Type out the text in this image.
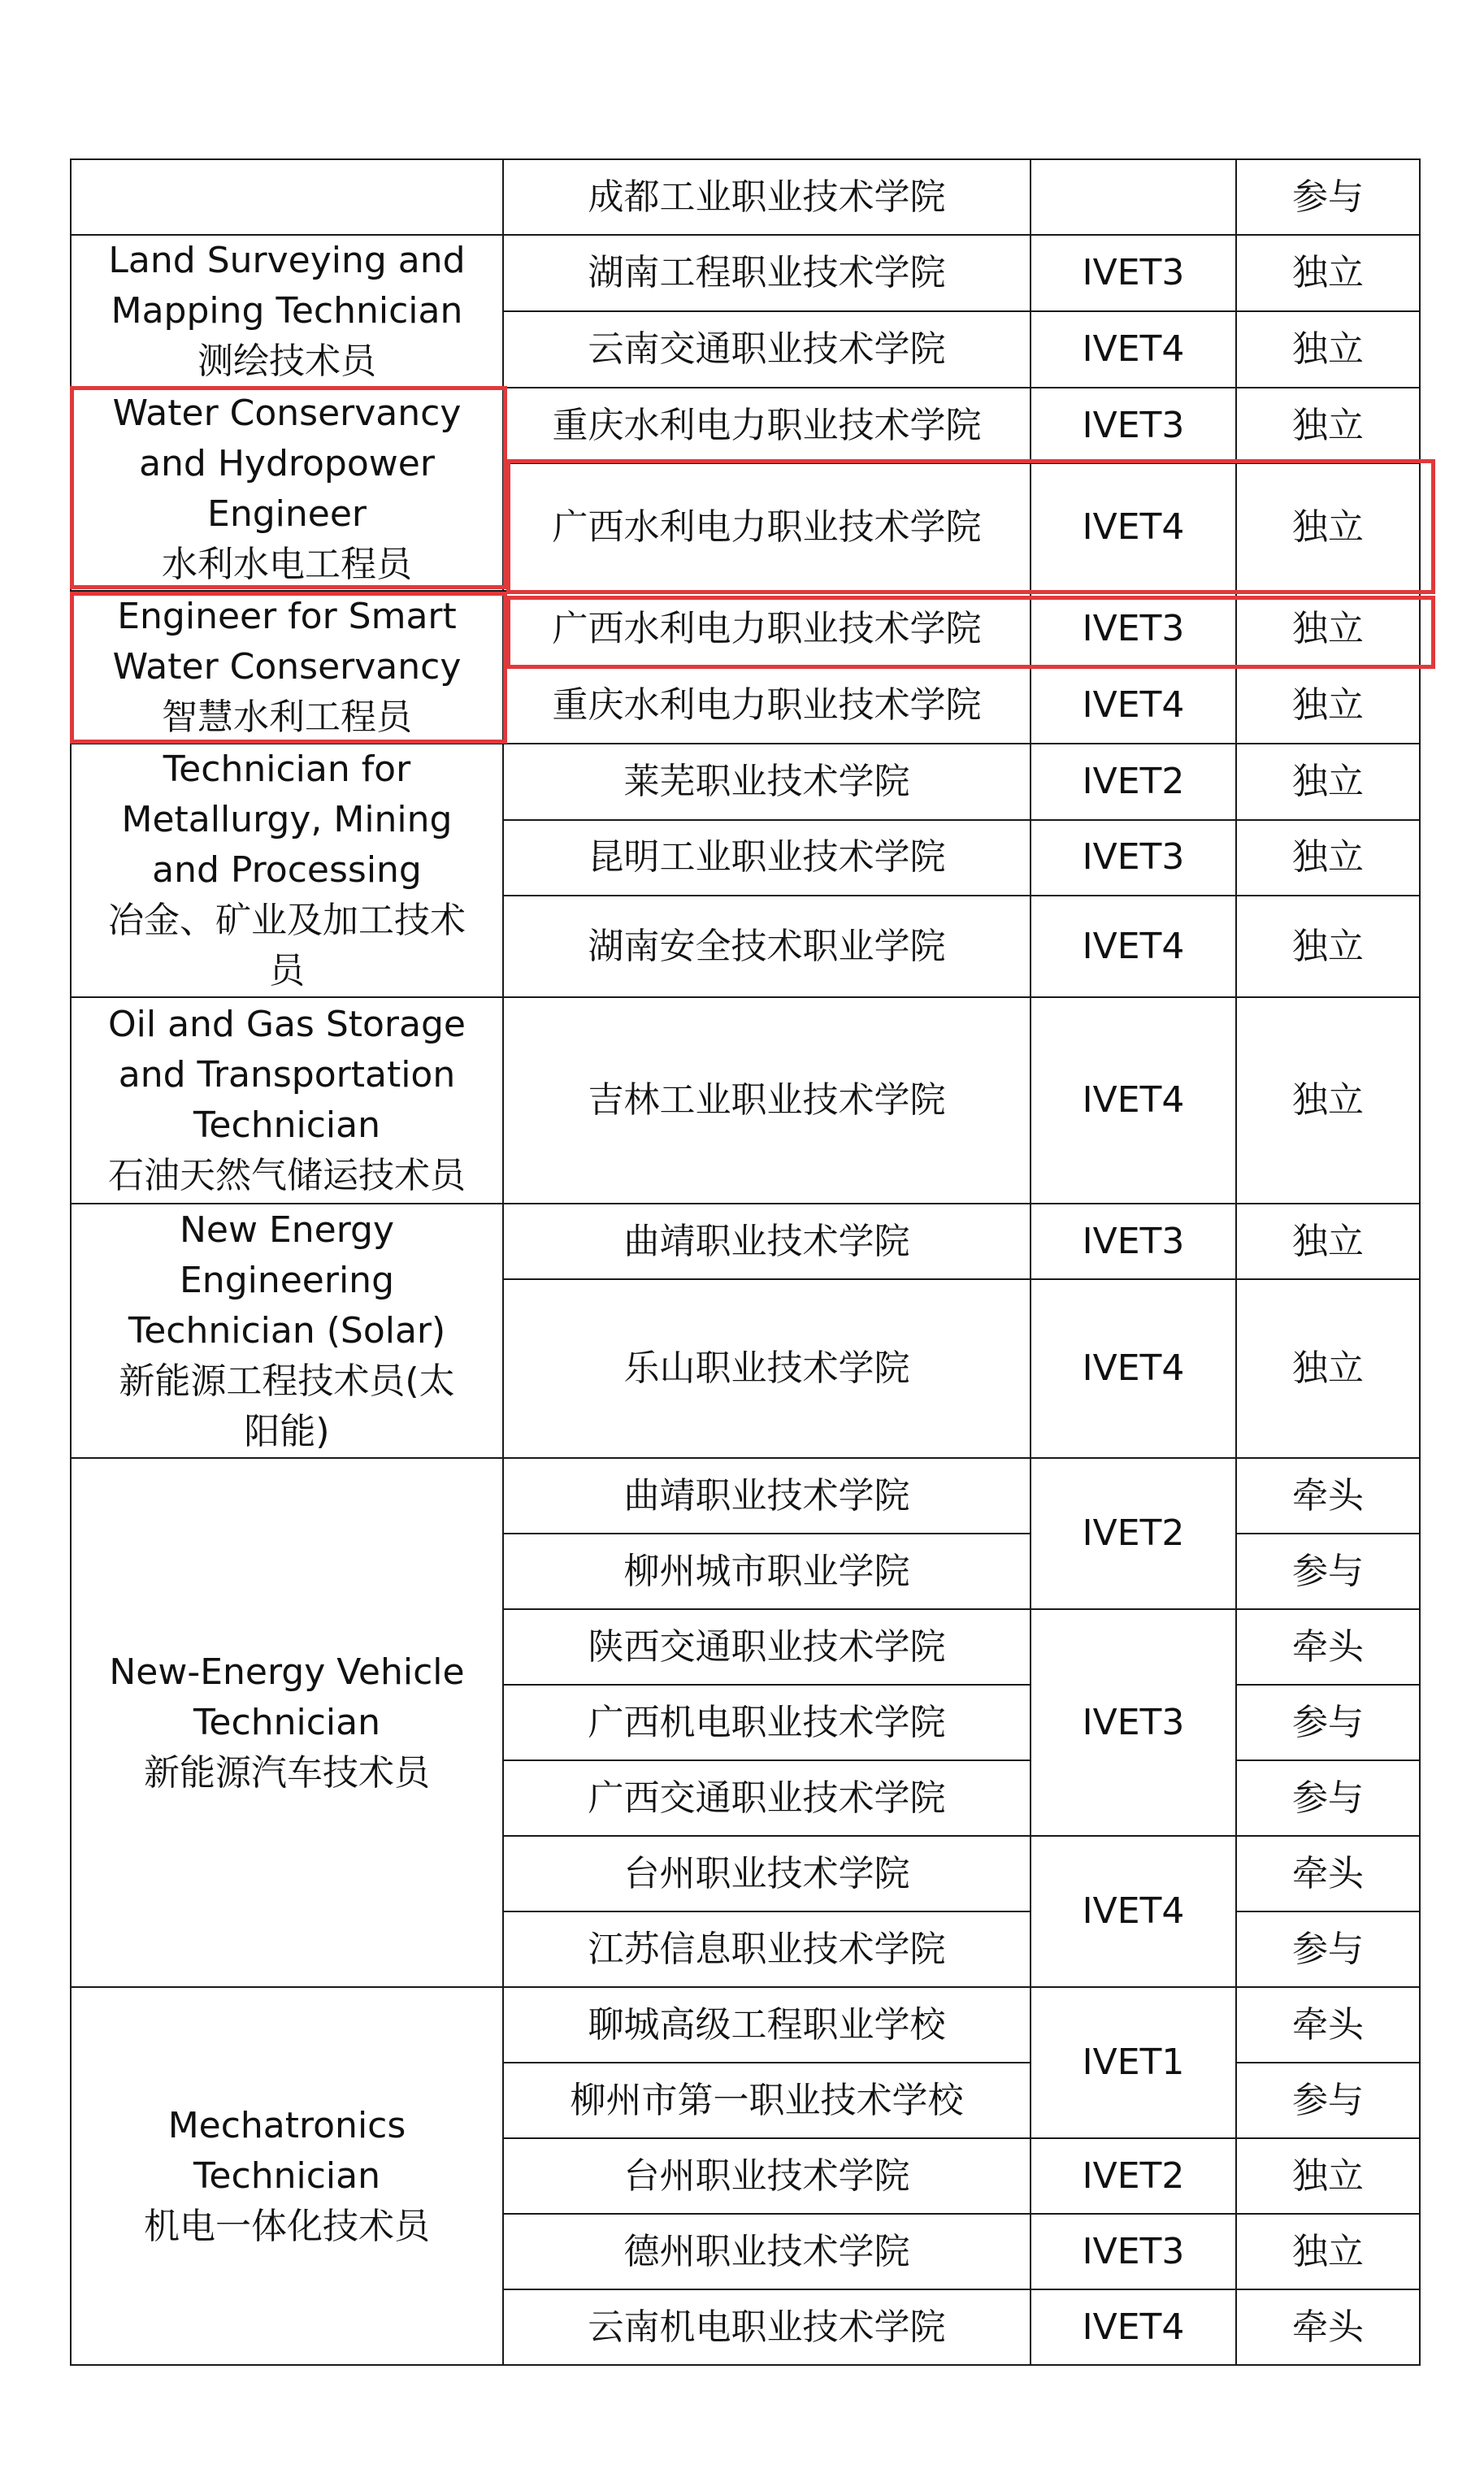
	成都工业职业技术学院		参与

Land Surveying and
Mapping Technician
测绘技术员	湖南工程职业技术学院	IVET3	独立
	云南交通职业技术学院	IVET4	独立

Water Conservancy
and Hydropower
Engineer
水利水电工程员	重庆水利电力职业技术学院	IVET3	独立
	广西水利电力职业技术学院	IVET4	独立

Engineer for Smart
Water Conservancy
智慧水利工程员	广西水利电力职业技术学院	IVET3	独立
	重庆水利电力职业技术学院	IVET4	独立

Technician for
Metallurgy, Mining
and Processing
冶金、矿业及加工技术
员	莱芜职业技术学院	IVET2	独立
	昆明工业职业技术学院	IVET3	独立
	湖南安全技术职业学院	IVET4	独立

Oil and Gas Storage
and Transportation
Technician
石油天然气储运技术员	吉林工业职业技术学院	IVET4	独立

New Energy
Engineering
Technician (Solar)
新能源工程技术员(太
阳能)	曲靖职业技术学院	IVET3	独立
	乐山职业技术学院	IVET4	独立

New-Energy Vehicle
Technician
新能源汽车技术员	曲靖职业技术学院	IVET2	牵头
	柳州城市职业学院		参与
	陕西交通职业技术学院	IVET3	牵头
	广西机电职业技术学院		参与
	广西交通职业技术学院		参与
	台州职业技术学院	IVET4	牵头
	江苏信息职业技术学院		参与

Mechatronics
Technician
机电一体化技术员	聊城高级工程职业学校	IVET1	牵头
	柳州市第一职业技术学校		参与
	台州职业技术学院	IVET2	独立
	德州职业技术学院	IVET3	独立
	云南机电职业技术学院	IVET4	牵头
